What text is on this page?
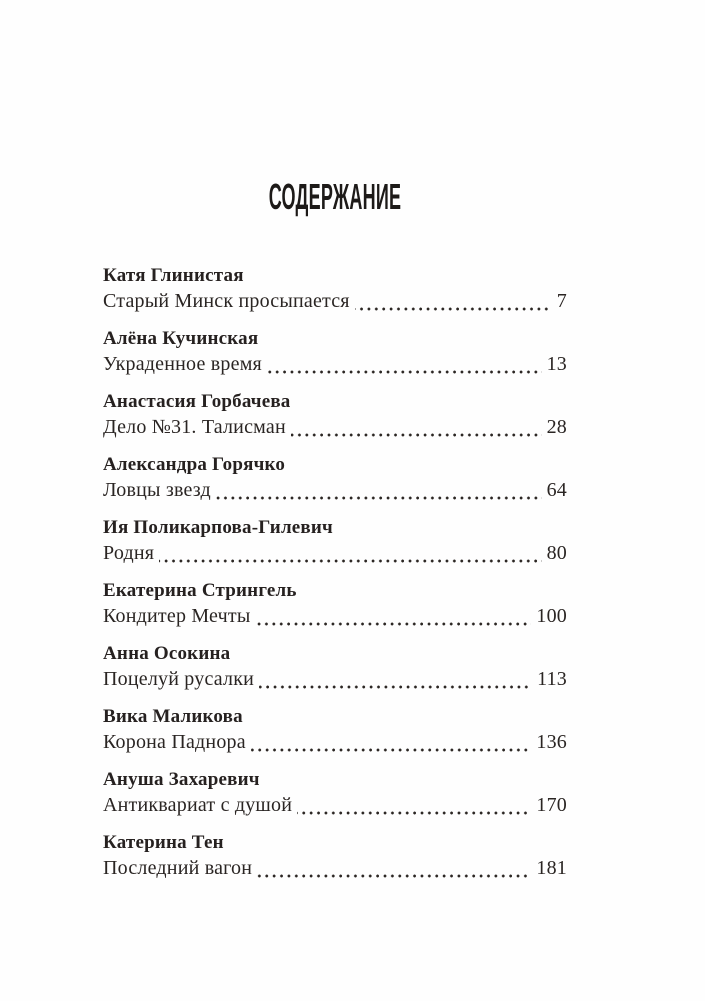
СОДЕРЖАНИЕ
Катя Глинистая
Старый Минск просыпается	7
Алёна Кучинская
Украденное время	13
Анастасия Горбачева
Дело №31. Талисман	28
Александра Горячко
Ловцы звезд	64
Ия Поликарпова-Гилевич
Родня	80
Екатерина Стрингель
Кондитер Мечты	100
Анна Осокина
Поцелуй русалки	113
Вика Маликова
Корона Паднора	136
Ануша Захаревич
Антиквариат с душой	170
Катерина Тен
Последний вагон	181
